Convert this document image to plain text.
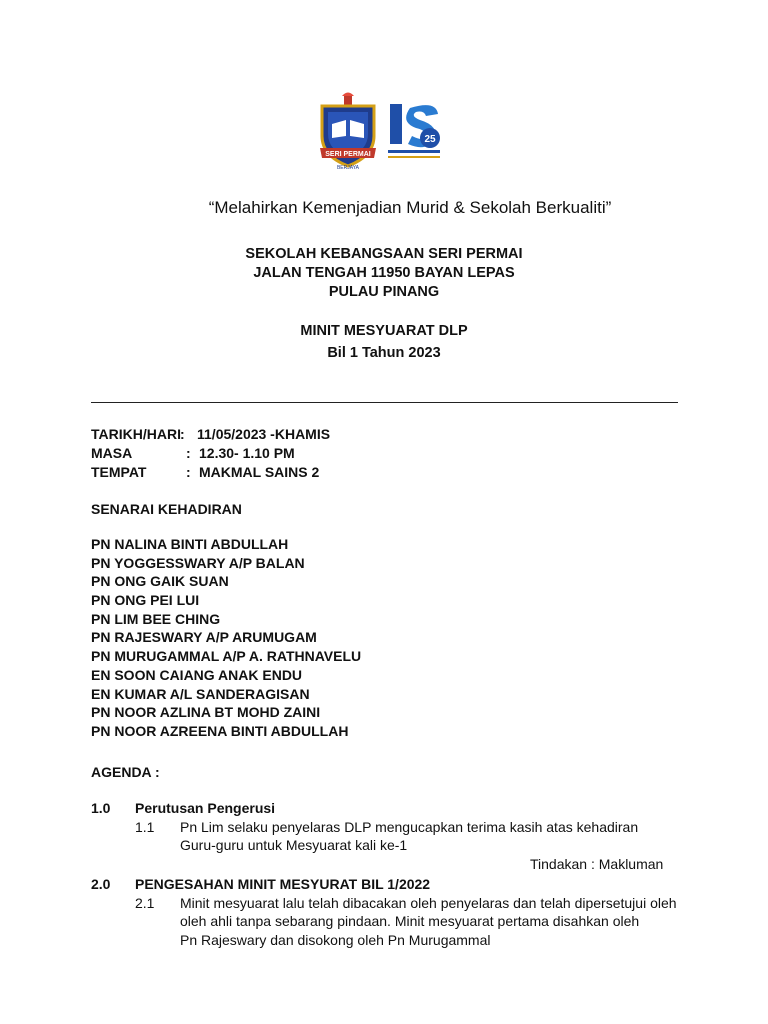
SERI PERMAI
BERJAYA
25
“Melahirkan Kemenjadian Murid & Sekolah Berkualiti”
SEKOLAH KEBANGSAAN SERI PERMAI
JALAN TENGAH 11950 BAYAN LEPAS
PULAU PINANG
MINIT MESYUARAT DLP
Bil 1 Tahun 2023
TARIKH/HARI : 11/05/2023 -KHAMIS
MASA	: 12.30- 1.10 PM
TEMPAT	: MAKMAL SAINS 2
SENARAI KEHADIRAN
PN NALINA BINTI ABDULLAH
PN YOGGESSWARY A/P BALAN
PN ONG GAIK SUAN
PN ONG PEI LUI
PN LIM BEE CHING
PN RAJESWARY A/P ARUMUGAM
PN MURUGAMMAL A/P A. RATHNAVELU
EN SOON CAIANG ANAK ENDU
EN KUMAR A/L SANDERAGISAN
PN NOOR AZLINA BT MOHD ZAINI
PN NOOR AZREENA BINTI ABDULLAH
AGENDA :
1.0 Perutusan Pengerusi
1.1 Pn Lim selaku penyelaras DLP mengucapkan terima kasih atas kehadiran
Guru-guru untuk Mesyuarat kali ke-1
Tindakan : Makluman
2.0 PENGESAHAN MINIT MESYURAT BIL 1/2022
2.1 Minit mesyuarat lalu telah dibacakan oleh penyelaras dan telah dipersetujui oleh
oleh ahli tanpa sebarang pindaan. Minit mesyuarat pertama disahkan oleh
Pn Rajeswary dan disokong oleh Pn Murugammal
